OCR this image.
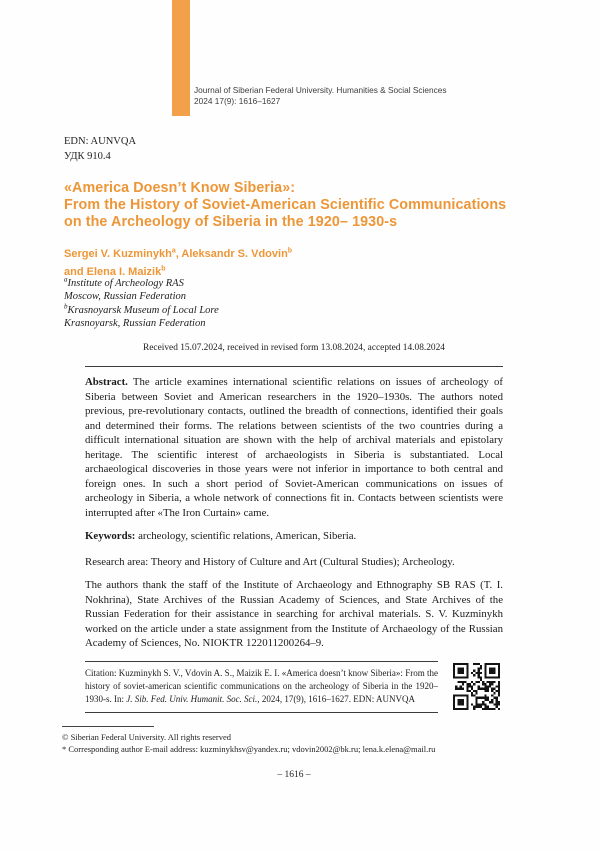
Journal of Siberian Federal University. Humanities & Social Sciences
2024 17(9): 1616–1627
EDN: AUNVQA
УДК 910.4
«America Doesn’t Know Siberia»:
From the History of Soviet-American Scientific Communications
on the Archeology of Siberia in the 1920– 1930-s
Sergei V. Kuzminykh$^a$, Aleksandr S. Vdovin$^b$
and Elena I. Maizik$^b$
$^a$Institute of Archeology RAS
Moscow, Russian Federation
$^b$Krasnoyarsk Museum of Local Lore
Krasnoyarsk, Russian Federation
Received 15.07.2024, received in revised form 13.08.2024, accepted 14.08.2024

Abstract. The article examines international scientific relations on issues of archeology of Siberia between Soviet and American researchers in the 1920–1930s. The authors noted previous, pre-revolutionary contacts, outlined the breadth of connections, identified their goals and determined their forms. The relations between scientists of the two countries during a difficult international situation are shown with the help of archival materials and epistolary heritage. The scientific interest of archaeologists in Siberia is substantiated. Local archaeological discoveries in those years were not inferior in importance to both central and foreign ones. In such a short period of Soviet-American communications on issues of archeology in Siberia, a whole network of connections fit in. Contacts between scientists were interrupted after «The Iron Curtain» came.

Keywords: archeology, scientific relations, American, Siberia.

Research area: Theory and History of Culture and Art (Cultural Studies); Archeology.

The authors thank the staff of the Institute of Archaeology and Ethnography SB RAS (T. I. Nokhrina), State Archives of the Russian Academy of Sciences, and State Archives of the Russian Federation for their assistance in searching for archival materials. S. V. Kuzminykh worked on the article under a state assignment from the Institute of Archaeology of the Russian Academy of Sciences, No. NIOKTR 122011200264–9.

Citation: Kuzminykh S. V., Vdovin A. S., Maizik E. I. «America doesn’t know Siberia»: From the history of soviet-american scientific communications on the archeology of Siberia in the 1920–1930-s. In: J. Sib. Fed. Univ. Humanit. Soc. Sci., 2024, 17(9), 1616–1627. EDN: AUNVQA
© Siberian Federal University. All rights reserved
* Corresponding author E-mail address: kuzminykhsv@yandex.ru; vdovin2002@bk.ru; lena.k.elena@mail.ru
– 1616 –
